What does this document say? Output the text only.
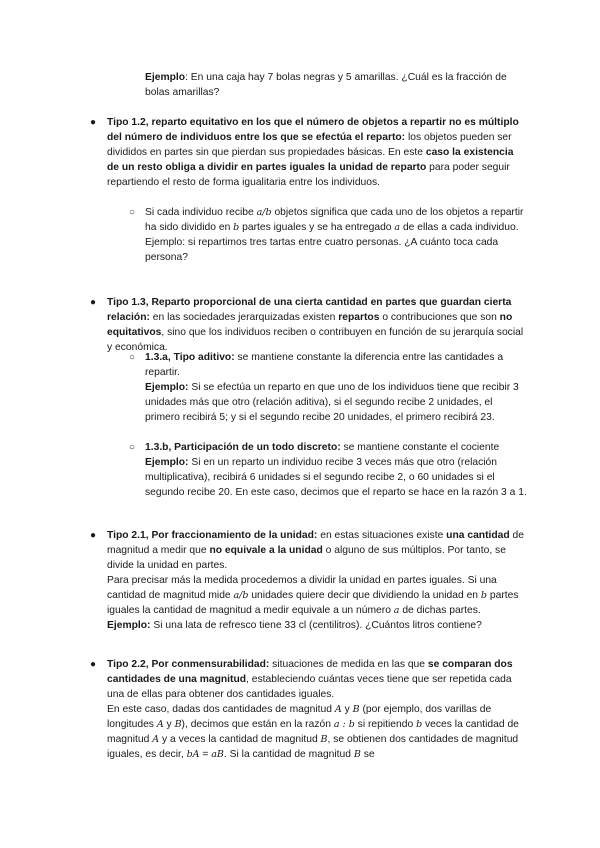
Ejemplo: En una caja hay 7 bolas negras y 5 amarillas. ¿Cuál es la fracción de bolas amarillas?
● Tipo 1.2, reparto equitativo en los que el número de objetos a repartir no es múltiplo del número de individuos entre los que se efectúa el reparto: los objetos pueden ser divididos en partes sin que pierdan sus propiedades básicas. En este caso la existencia de un resto obliga a dividir en partes iguales la unidad de reparto para poder seguir repartiendo el resto de forma igualitaria entre los individuos.
○ Si cada individuo recibe a/b objetos significa que cada uno de los objetos a repartir ha sido dividido en b partes iguales y se ha entregado a de ellas a cada individuo.

Ejemplo: si repartimos tres tartas entre cuatro personas. ¿A cuánto toca cada persona?

● Tipo 1.3, Reparto proporcional de una cierta cantidad en partes que guardan cierta relación: en las sociedades jerarquizadas existen repartos o contribuciones que son no equitativos, sino que los individuos reciben o contribuyen en función de su jerarquía social y económica.
○ 1.3.a, Tipo aditivo: se mantiene constante la diferencia entre las cantidades a repartir.

Ejemplo: Si se efectúa un reparto en que uno de los individuos tiene que recibir 3 unidades más que otro (relación aditiva), si el segundo recibe 2 unidades, el primero recibirá 5; y si el segundo recibe 20 unidades, el primero recibirá 23.

○ 1.3.b, Participación de un todo discreto: se mantiene constante el cociente

Ejemplo: Si en un reparto un individuo recibe 3 veces más que otro (relación multiplicativa), recibirá 6 unidades si el segundo recibe 2, o 60 unidades si el segundo recibe 20. En este caso, decimos que el reparto se hace en la razón 3 a 1.

● Tipo 2.1, Por fraccionamiento de la unidad: en estas situaciones existe una cantidad de magnitud a medir que no equivale a la unidad o alguno de sus múltiplos. Por tanto, se divide la unidad en partes.

Para precisar más la medida procedemos a dividir la unidad en partes iguales. Si una cantidad de magnitud mide a/b unidades quiere decir que dividiendo la unidad en b partes iguales la cantidad de magnitud a medir equivale a un número a de dichas partes.

Ejemplo: Si una lata de refresco tiene 33 cl (centilitros). ¿Cuántos litros contiene?

● Tipo 2.2, Por conmensurabilidad: situaciones de medida en las que se comparan dos cantidades de una magnitud, estableciendo cuántas veces tiene que ser repetida cada una de ellas para obtener dos cantidades iguales.

En este caso, dadas dos cantidades de magnitud A y B (por ejemplo, dos varillas de longitudes A y B), decimos que están en la razón a : b si repitiendo b veces la cantidad de magnitud A y a veces la cantidad de magnitud B, se obtienen dos cantidades de magnitud iguales, es decir, bA = aB. Si la cantidad de magnitud B se
